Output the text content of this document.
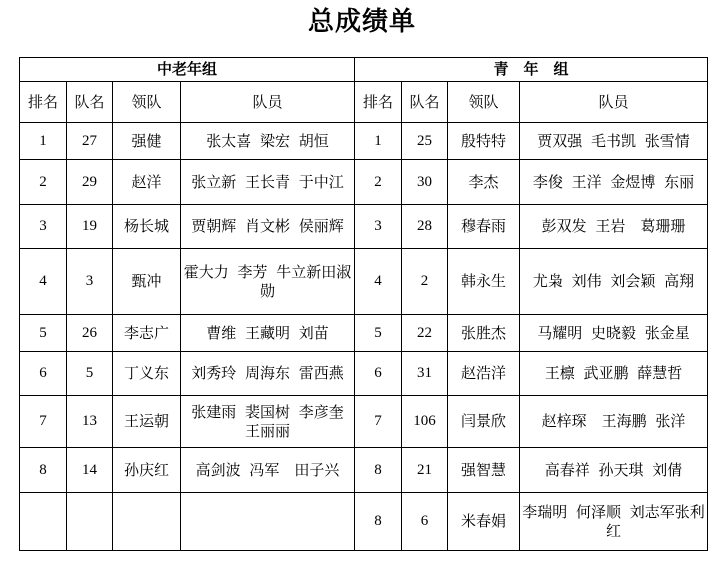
总成绩单
中老年组				青　年　组			
排名	队名	领队	队员	排名	队名	领队	队员
1	27	强健	张太喜 梁宏 胡恒	1	25	殷特特	贾双强 毛书凯 张雪情
2	29	赵洋	张立新 王长青 于中江	2	30	李杰	李俊 王洋 金煜博 东丽
3	19	杨长城	贾朝辉 肖文彬 侯丽辉	3	28	穆春雨	彭双发 王岩　葛珊珊
4	3	甄冲	霍大力 李芳 牛立新田淑勋	4	2	韩永生	尤枭 刘伟 刘会颖 高翔
5	26	李志广	曹维 王藏明 刘苗	5	22	张胜杰	马耀明 史晓毅 张金星
6	5	丁义东	刘秀玲 周海东 雷西燕	6	31	赵浩洋	王檩 武亚鹏 薛慧哲
7	13	王运朝	张建雨 裴国树 李彦奎 王丽丽	7	106	闫景欣	赵梓琛　王海鹏 张洋
8	14	孙庆红	高剑波 冯军　田子兴	8	21	强智慧	高春祥 孙天琪 刘倩
				8	6	米春娟	李瑞明 何泽顺 刘志军张利红
